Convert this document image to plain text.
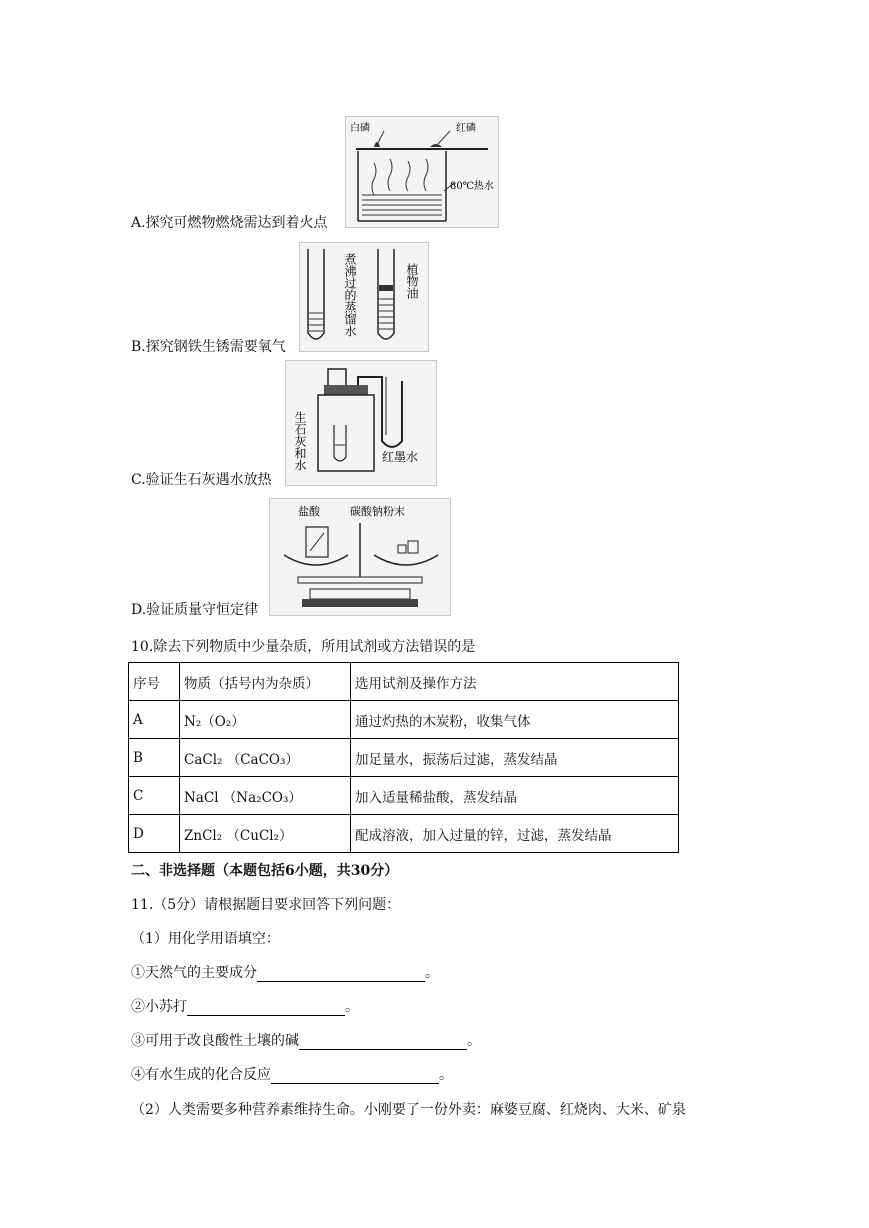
白磷	红磷
80℃热水
A.探究可燃物燃烧需达到着火点
煮沸过的蒸馏水	植物油
B.探究钢铁生锈需要氧气
生石灰和水	红墨水
C.验证生石灰遇水放热
盐酸	碳酸钠粉末
D.验证质量守恒定律
10.除去下列物质中少量杂质，所用试剂或方法错误的是
序号	物质（括号内为杂质）	选用试剂及操作方法
A	N₂（O₂）	通过灼热的木炭粉，收集气体
B	CaCl₂ （CaCO₃）	加足量水，振荡后过滤，蒸发结晶
C	NaCl （Na₂CO₃）	加入适量稀盐酸，蒸发结晶
D	ZnCl₂ （CuCl₂）	配成溶液，加入过量的锌，过滤，蒸发结晶
二、非选择题（本题包括6小题，共30分）
11.（5分）请根据题目要求回答下列问题：
（1）用化学用语填空：
①天然气的主要成分	。
②小苏打	。
③可用于改良酸性土壤的碱	。
④有水生成的化合反应	。
（2）人类需要多种营养素维持生命。小刚要了一份外卖：麻婆豆腐、红烧肉、大米、矿泉
